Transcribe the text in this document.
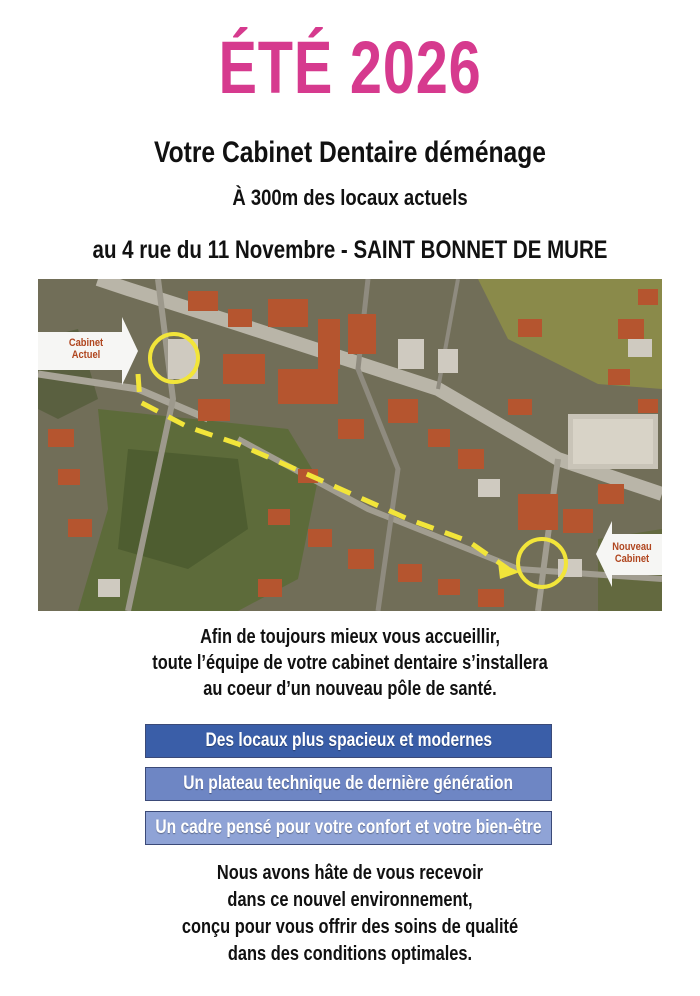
ÉTÉ 2026
Votre Cabinet Dentaire déménage
À 300m des locaux actuels
au 4 rue du 11 Novembre - SAINT BONNET DE MURE
Cabinet
Actuel
Nouveau
Cabinet
Afin de toujours mieux vous accueillir,
toute l’équipe de votre cabinet dentaire s’installera
au coeur d’un nouveau pôle de santé.
Des locaux plus spacieux et modernes
Un plateau technique de dernière génération
Un cadre pensé pour votre confort et votre bien-être
Nous avons hâte de vous recevoir
dans ce nouvel environnement,
conçu pour vous offrir des soins de qualité
dans des conditions optimales.
